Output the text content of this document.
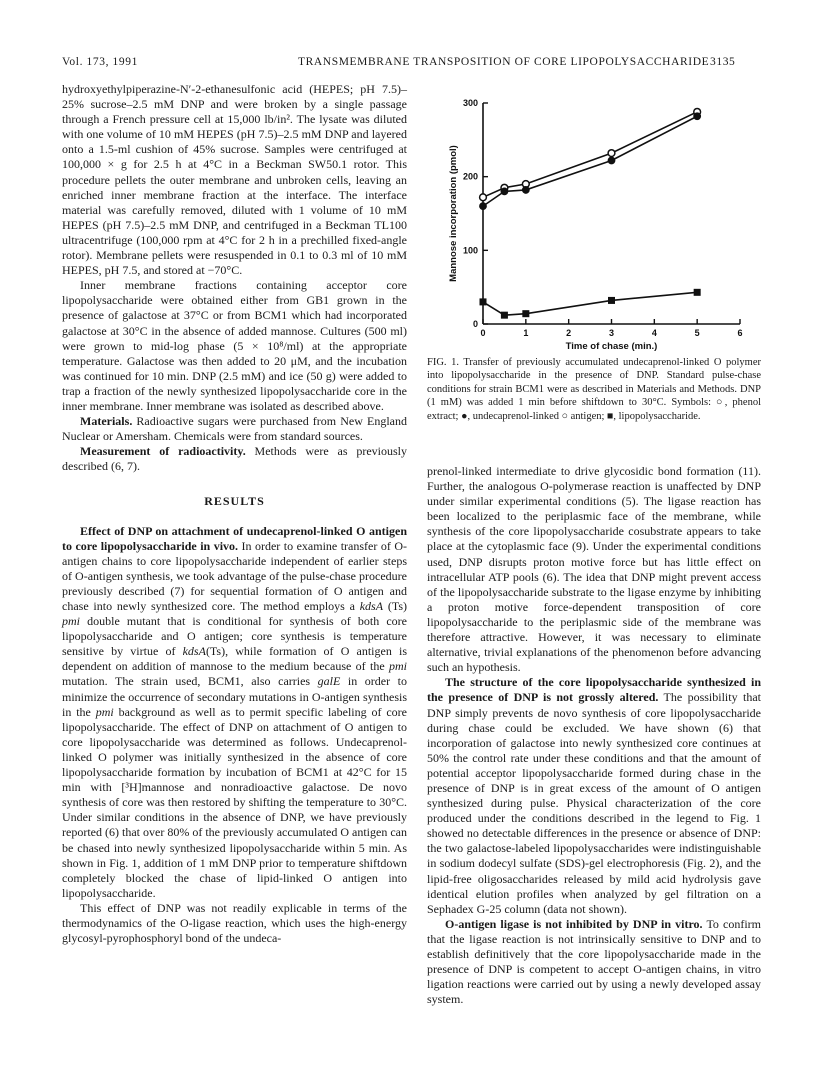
Vol. 173, 1991	TRANSMEMBRANE TRANSPOSITION OF CORE LIPOPOLYSACCHARIDE 3135

hydroxyethylpiperazine-N′-2-ethanesulfonic acid (HEPES; pH 7.5)–25% sucrose–2.5 mM DNP and were broken by a single passage through a French pressure cell at 15,000 lb/in². The lysate was diluted with one volume of 10 mM HEPES (pH 7.5)–2.5 mM DNP and layered onto a 1.5-ml cushion of 45% sucrose. Samples were centrifuged at 100,000 × g for 2.5 h at 4°C in a Beckman SW50.1 rotor. This procedure pellets the outer membrane and unbroken cells, leaving an enriched inner membrane fraction at the interface. The interface material was carefully removed, diluted with 1 volume of 10 mM HEPES (pH 7.5)–2.5 mM DNP, and centrifuged in a Beckman TL100 ultracentrifuge (100,000 rpm at 4°C for 2 h in a prechilled fixed-angle rotor). Membrane pellets were resuspended in 0.1 to 0.3 ml of 10 mM HEPES, pH 7.5, and stored at −70°C.

Inner membrane fractions containing acceptor core lipopolysaccharide were obtained either from GB1 grown in the presence of galactose at 37°C or from BCM1 which had incorporated galactose at 30°C in the absence of added mannose. Cultures (500 ml) were grown to mid-log phase (5 × 10⁸/ml) at the appropriate temperature. Galactose was then added to 20 μM, and the incubation was continued for 10 min. DNP (2.5 mM) and ice (50 g) were added to trap a fraction of the newly synthesized lipopolysaccharide core in the inner membrane. Inner membrane was isolated as described above.

Materials. Radioactive sugars were purchased from New England Nuclear or Amersham. Chemicals were from standard sources.

Measurement of radioactivity. Methods were as previously described (6, 7).

RESULTS

Effect of DNP on attachment of undecaprenol-linked O antigen to core lipopolysaccharide in vivo. In order to examine transfer of O-antigen chains to core lipopolysaccharide independent of earlier steps of O-antigen synthesis, we took advantage of the pulse-chase procedure previously described (7) for sequential formation of O antigen and chase into newly synthesized core. The method employs a kdsA (Ts) pmi double mutant that is conditional for synthesis of both core lipopolysaccharide and O antigen; core synthesis is temperature sensitive by virtue of kdsA(Ts), while formation of O antigen is dependent on addition of mannose to the medium because of the pmi mutation. The strain used, BCM1, also carries galE in order to minimize the occurrence of secondary mutations in O-antigen synthesis in the pmi background as well as to permit specific labeling of core lipopolysaccharide. The effect of DNP on attachment of O antigen to core lipopolysaccharide was determined as follows. Undecaprenol-linked O polymer was initially synthesized in the absence of core lipopolysaccharide formation by incubation of BCM1 at 42°C for 15 min with [³H]mannose and nonradioactive galactose. De novo synthesis of core was then restored by shifting the temperature to 30°C. Under similar conditions in the absence of DNP, we have previously reported (6) that over 80% of the previously accumulated O antigen can be chased into newly synthesized lipopolysaccharide within 5 min. As shown in Fig. 1, addition of 1 mM DNP prior to temperature shiftdown completely blocked the chase of lipid-linked O antigen into lipopolysaccharide.

This effect of DNP was not readily explicable in terms of the thermodynamics of the O-ligase reaction, which uses the high-energy glycosyl-pyrophosphoryl bond of the undeca-

0
100
200
300
0	1	2	3	4	5	6
Time of chase (min.)
Mannose incorporation (pmol)

FIG. 1. Transfer of previously accumulated undecaprenol-linked O polymer into lipopolysaccharide in the presence of DNP. Standard pulse-chase conditions for strain BCM1 were as described in Materials and Methods. DNP (1 mM) was added 1 min before shiftdown to 30°C. Symbols: ○, phenol extract; ●, undecaprenol-linked ○ antigen; ■, lipopolysaccharide.

prenol-linked intermediate to drive glycosidic bond formation (11). Further, the analogous O-polymerase reaction is unaffected by DNP under similar experimental conditions (5). The ligase reaction has been localized to the periplasmic face of the membrane, while synthesis of the core lipopolysaccharide cosubstrate appears to take place at the cytoplasmic face (9). Under the experimental conditions used, DNP disrupts proton motive force but has little effect on intracellular ATP pools (6). The idea that DNP might prevent access of the lipopolysaccharide substrate to the ligase enzyme by inhibiting a proton motive force-dependent transposition of core lipopolysaccharide to the periplasmic side of the membrane was therefore attractive. However, it was necessary to eliminate alternative, trivial explanations of the phenomenon before advancing such an hypothesis.

The structure of the core lipopolysaccharide synthesized in the presence of DNP is not grossly altered. The possibility that DNP simply prevents de novo synthesis of core lipopolysaccharide during chase could be excluded. We have shown (6) that incorporation of galactose into newly synthesized core continues at 50% the control rate under these conditions and that the amount of potential acceptor lipopolysaccharide formed during chase in the presence of DNP is in great excess of the amount of O antigen synthesized during pulse. Physical characterization of the core produced under the conditions described in the legend to Fig. 1 showed no detectable differences in the presence or absence of DNP: the two galactose-labeled lipopolysaccharides were indistinguishable in sodium dodecyl sulfate (SDS)-gel electrophoresis (Fig. 2), and the lipid-free oligosaccharides released by mild acid hydrolysis gave identical elution profiles when analyzed by gel filtration on a Sephadex G-25 column (data not shown).

O-antigen ligase is not inhibited by DNP in vitro. To confirm that the ligase reaction is not intrinsically sensitive to DNP and to establish definitively that the core lipopolysaccharide made in the presence of DNP is competent to accept O-antigen chains, in vitro ligation reactions were carried out by using a newly developed assay system.
